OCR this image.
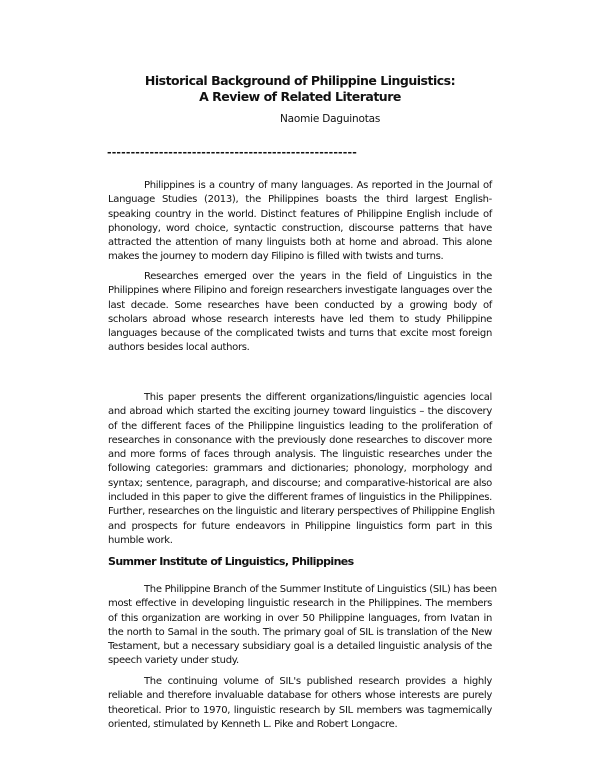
Historical Background of Philippine Linguistics:
A Review of Related Literature
Naomie Daguinotas
-----------------------------------------------------
Philippines is a country of many languages. As reported in the Journal of
Language Studies (2013), the Philippines boasts the third largest English-
speaking country in the world. Distinct features of Philippine English include of
phonology, word choice, syntactic construction, discourse patterns that have
attracted the attention of many linguists both at home and abroad. This alone
makes the journey to modern day Filipino is filled with twists and turns.
Researches emerged over the years in the field of Linguistics in the
Philippines where Filipino and foreign researchers investigate languages over the
last decade. Some researches have been conducted by a growing body of
scholars abroad whose research interests have led them to study Philippine
languages because of the complicated twists and turns that excite most foreign
authors besides local authors.
This paper presents the different organizations/linguistic agencies local
and abroad which started the exciting journey toward linguistics – the discovery
of the different faces of the Philippine linguistics leading to the proliferation of
researches in consonance with the previously done researches to discover more
and more forms of faces through analysis. The linguistic researches under the
following categories: grammars and dictionaries; phonology, morphology and
syntax; sentence, paragraph, and discourse; and comparative-historical are also
included in this paper to give the different frames of linguistics in the Philippines.
Further, researches on the linguistic and literary perspectives of Philippine English
and prospects for future endeavors in Philippine linguistics form part in this
humble work.
Summer Institute of Linguistics, Philippines
The Philippine Branch of the Summer Institute of Linguistics (SIL) has been
most effective in developing linguistic research in the Philippines. The members
of this organization are working in over 50 Philippine languages, from Ivatan in
the north to Samal in the south. The primary goal of SIL is translation of the New
Testament, but a necessary subsidiary goal is a detailed linguistic analysis of the
speech variety under study.
The continuing volume of SIL's published research provides a highly
reliable and therefore invaluable database for others whose interests are purely
theoretical. Prior to 1970, linguistic research by SIL members was tagmemically
oriented, stimulated by Kenneth L. Pike and Robert Longacre.
